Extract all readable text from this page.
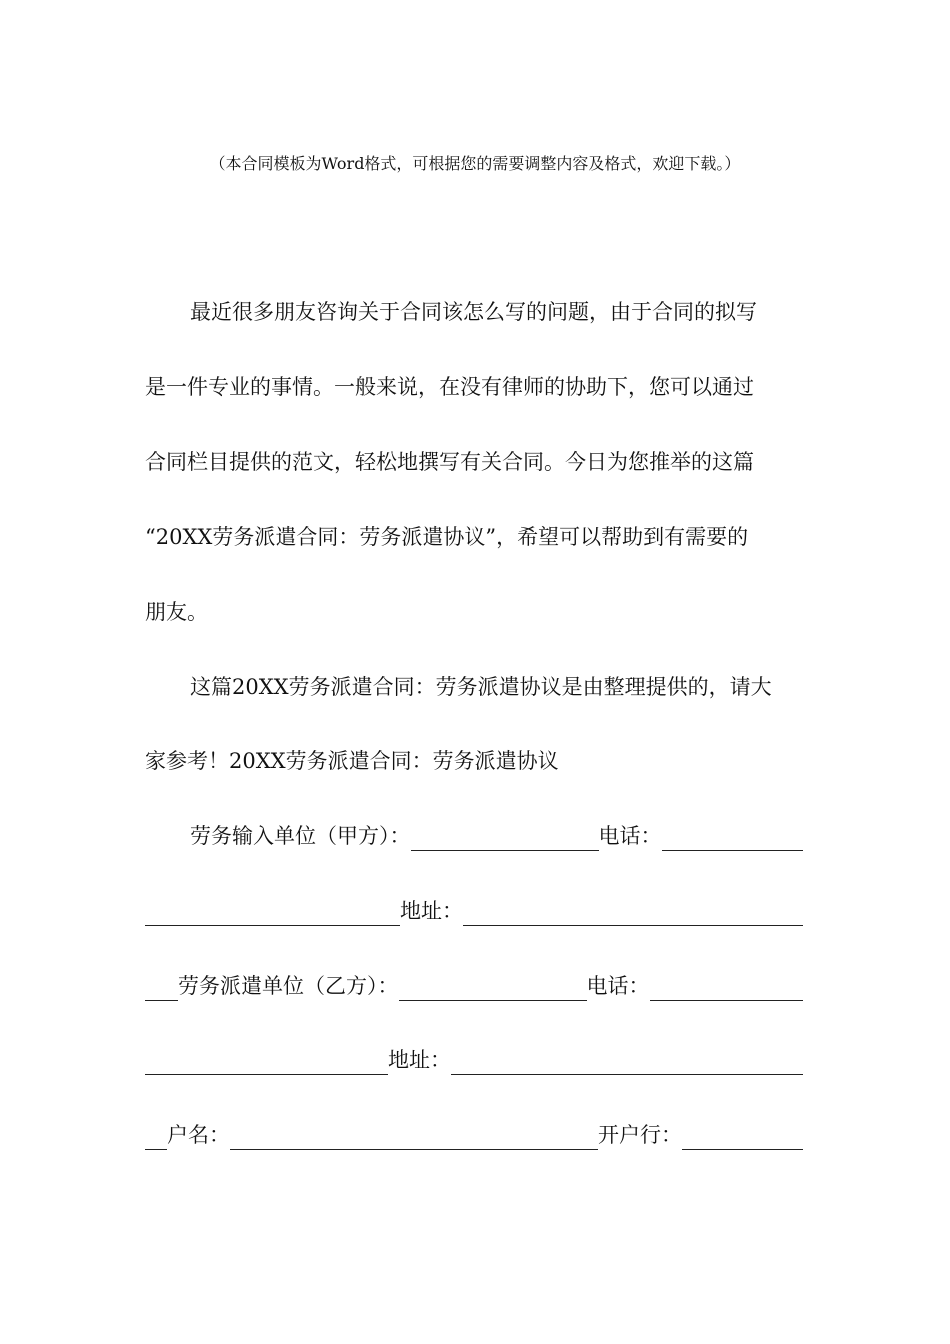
（本合同模板为Word格式，可根据您的需要调整内容及格式，欢迎下载。）
最近很多朋友咨询关于合同该怎么写的问题，由于合同的拟写
是一件专业的事情。一般来说，在没有律师的协助下，您可以通过
合同栏目提供的范文，轻松地撰写有关合同。今日为您推举的这篇
“20XX劳务派遣合同：劳务派遣协议”，希望可以帮助到有需要的
朋友。
这篇20XX劳务派遣合同：劳务派遣协议是由整理提供的，请大
家参考！20XX劳务派遣合同：劳务派遣协议
劳务输入单位（甲方）：	电话：
地址：
劳务派遣单位（乙方）：	电话：
地址：
户名：	开户行：
